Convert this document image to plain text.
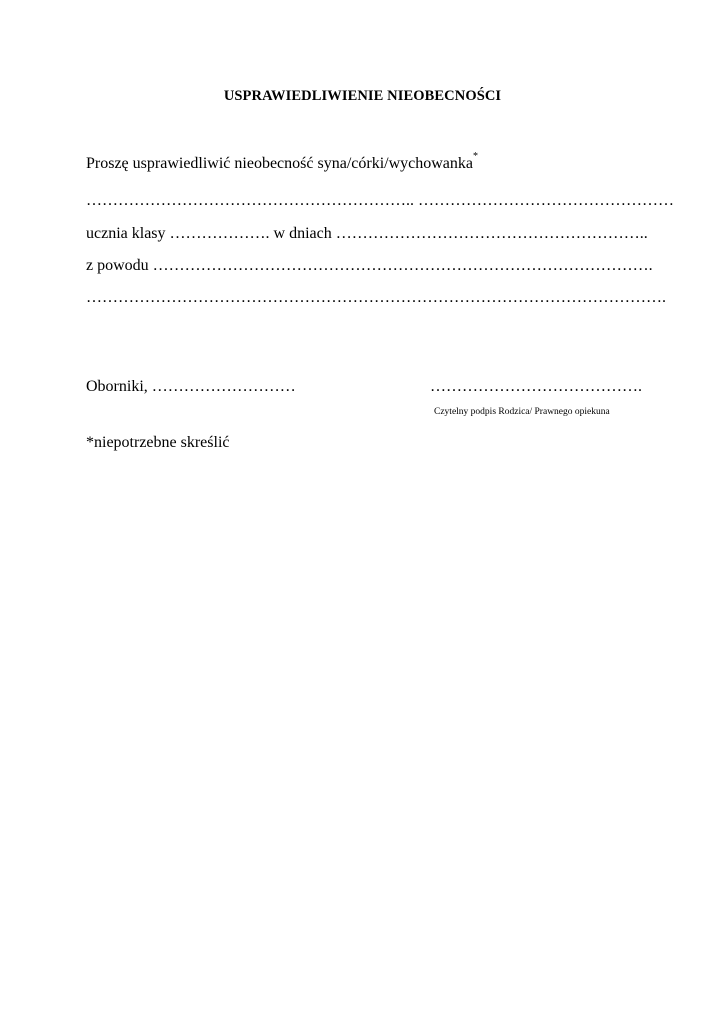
USPRAWIEDLIWIENIE NIEOBECNOŚCI
Proszę usprawiedliwić nieobecność syna/córki/wychowanka*
…………………………………………………….. …………………………………………
ucznia klasy ………………. w dniach …………………………………………………..
z powodu ………………………………………………………………………………….
……………………………………………………………………………………………….
Oborniki, ………………………	………………………………….
Czytelny podpis Rodzica/ Prawnego opiekuna
*niepotrzebne skreślić
